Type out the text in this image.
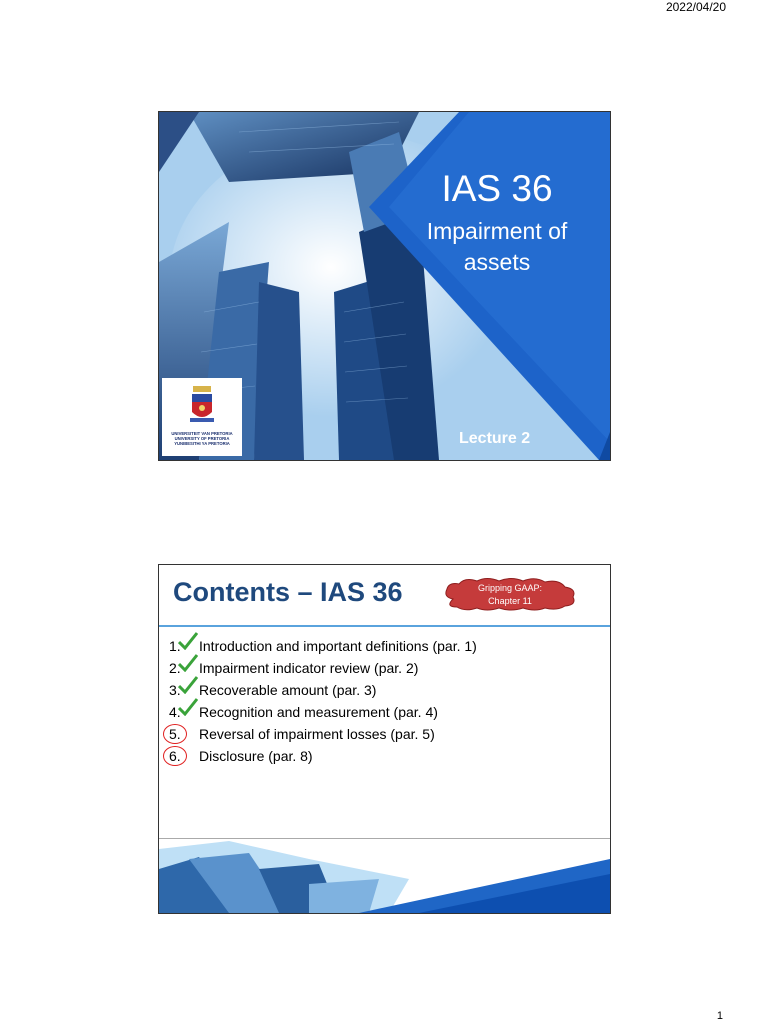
2022/04/20
IAS 36
Impairment of assets
Lecture 2
UNIVERSITEIT VAN PRETORIA
UNIVERSITY OF PRETORIA
YUNIBESITHI YA PRETORIA
Contents – IAS 36	Gripping GAAP:
Chapter 11
1. Introduction and important definitions (par. 1)
2. Impairment indicator review (par. 2)
3. Recoverable amount (par. 3)
4. Recognition and measurement (par. 4)
5. Reversal of impairment losses (par. 5)
6. Disclosure (par. 8)
1
